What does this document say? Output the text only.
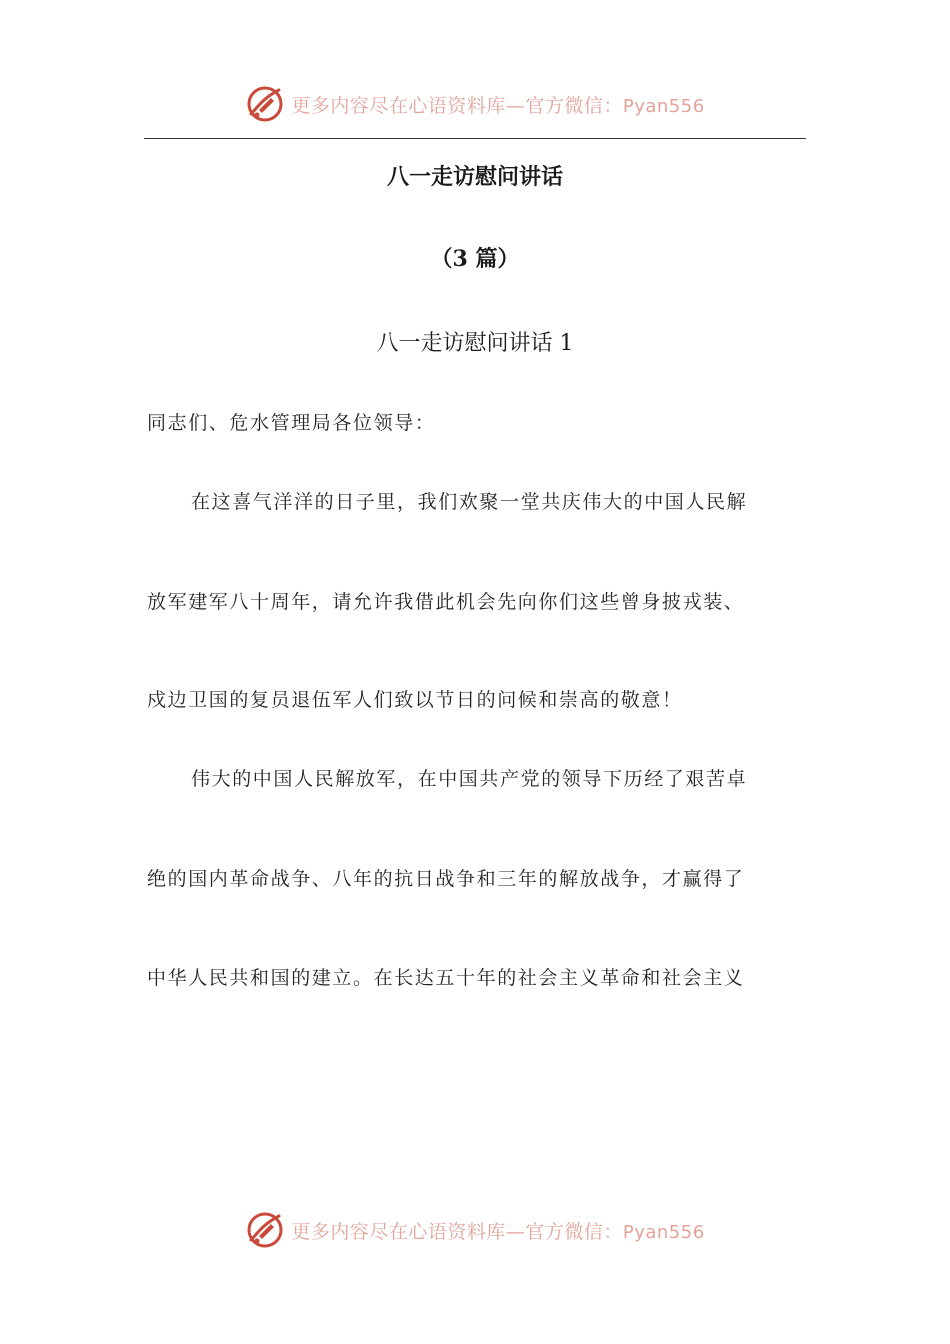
更多内容尽在心语资料库—官方微信：Pyan556
八一走访慰问讲话
（3 篇）
八一走访慰问讲话 1
同志们、危水管理局各位领导：
在这喜气洋洋的日子里，我们欢聚一堂共庆伟大的中国人民解
放军建军八十周年，请允许我借此机会先向你们这些曾身披戎装、
戍边卫国的复员退伍军人们致以节日的问候和崇高的敬意！
伟大的中国人民解放军，在中国共产党的领导下历经了艰苦卓
绝的国内革命战争、八年的抗日战争和三年的解放战争，才赢得了
中华人民共和国的建立。在长达五十年的社会主义革命和社会主义
更多内容尽在心语资料库—官方微信：Pyan556
